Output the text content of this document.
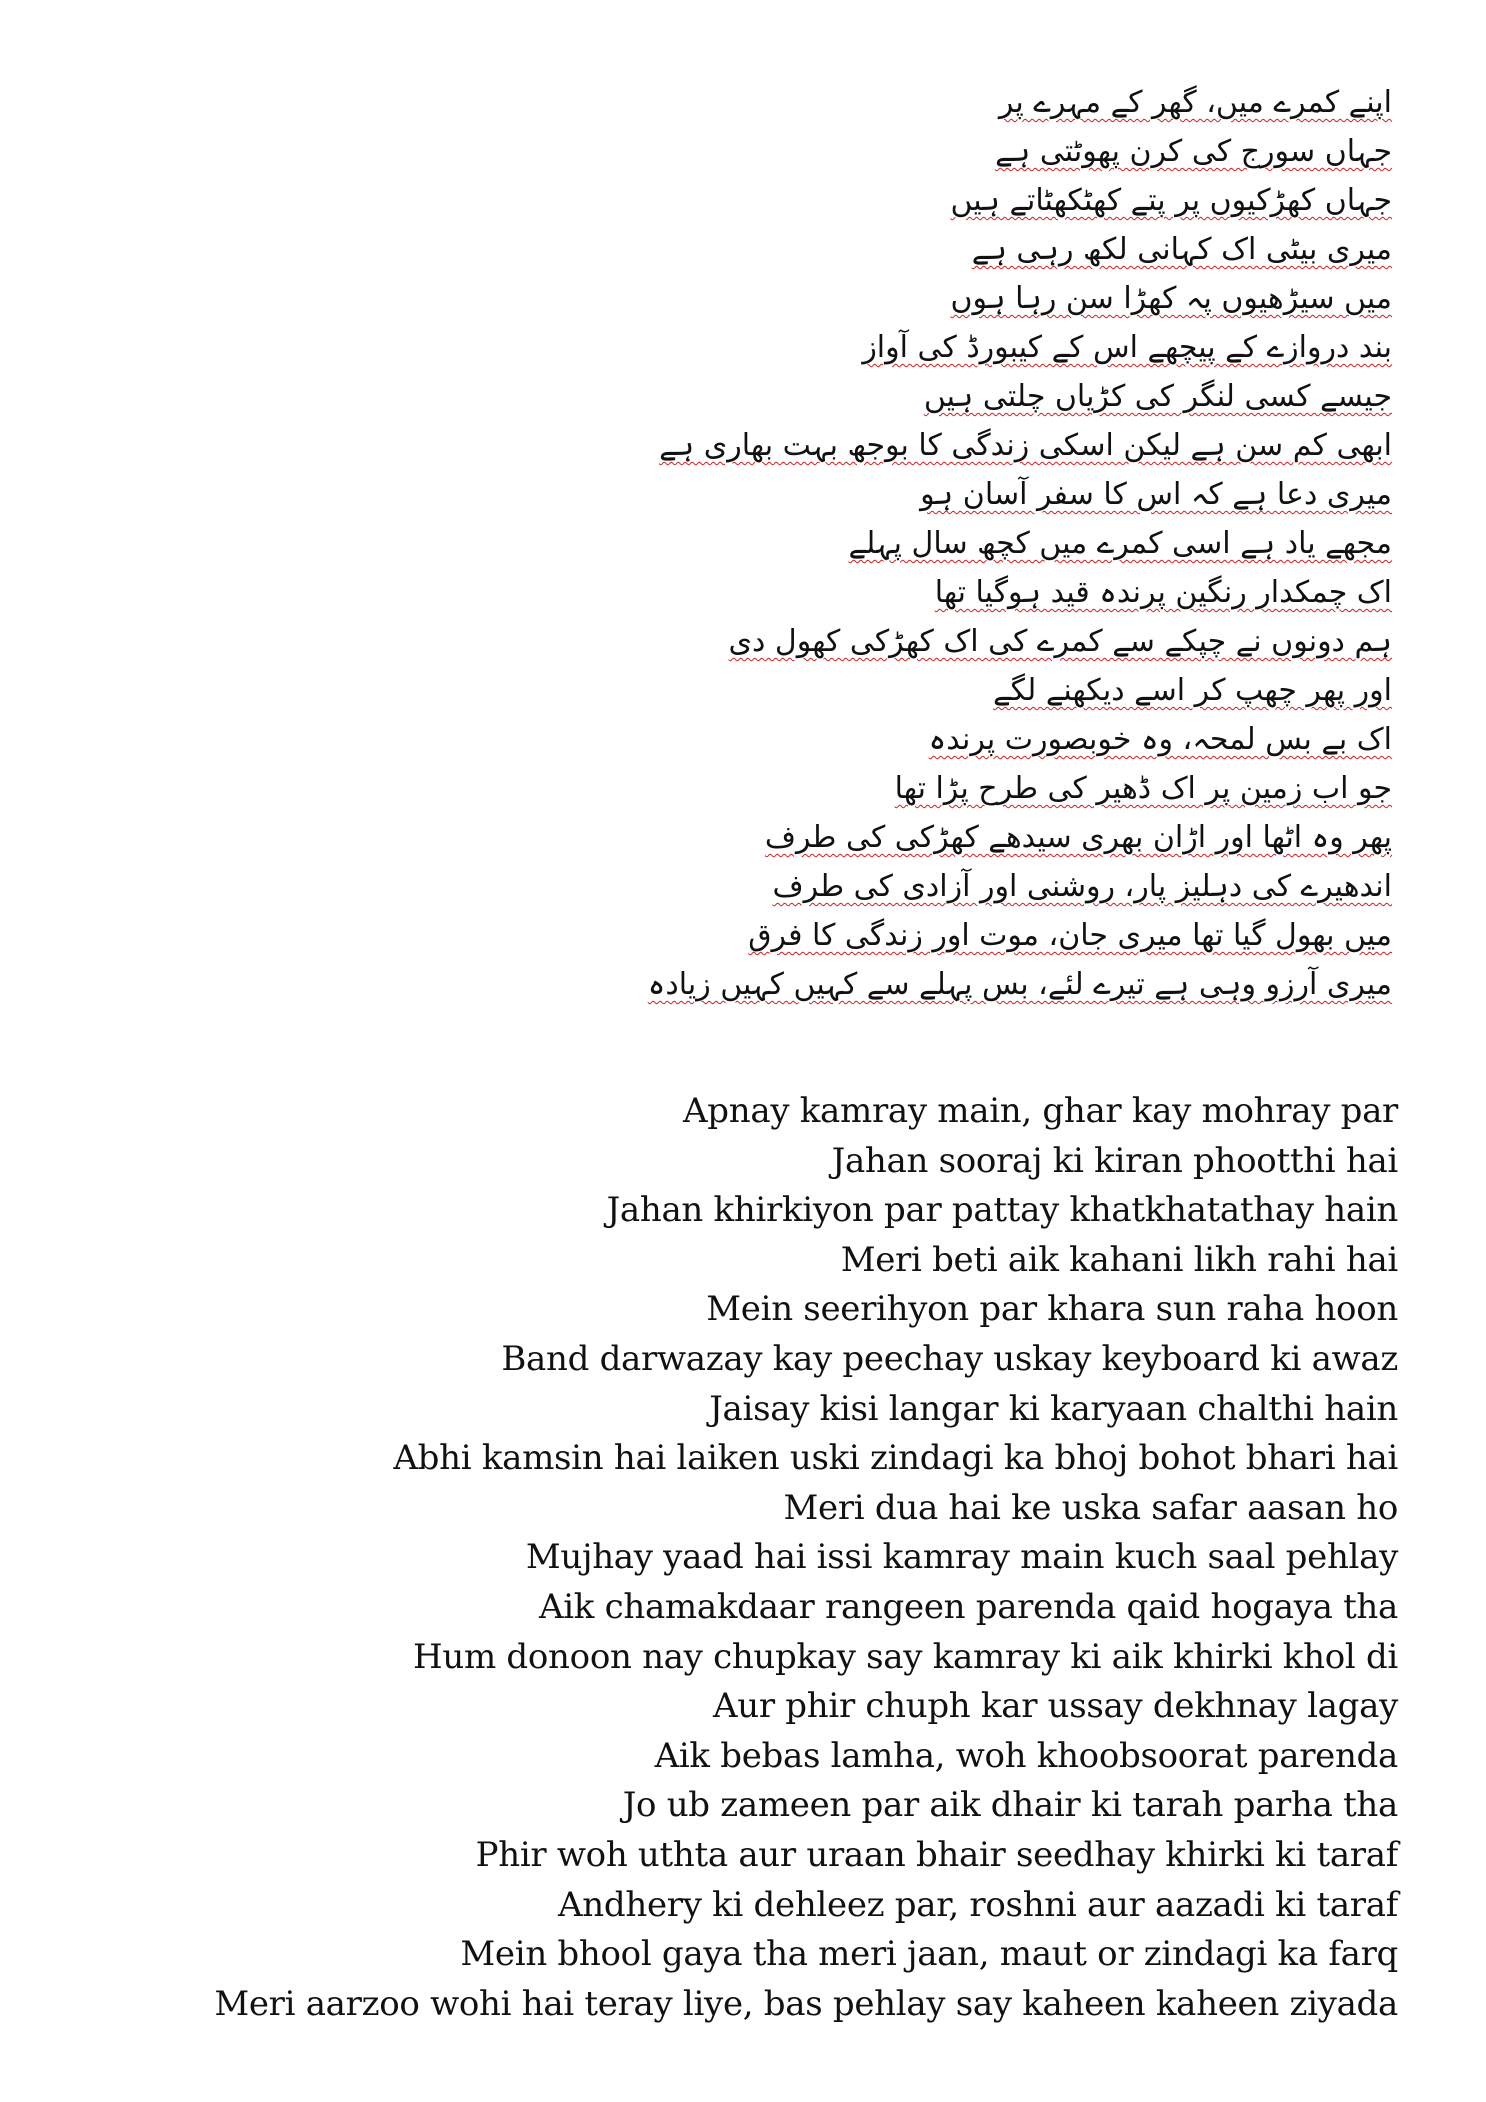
اپنے کمرے میں، گھر کے مہرے پر
جہاں سورج کی کرن پھوٹتی ہے
جہاں کھڑکیوں پر پتے کھٹکھٹاتے ہیں
میری بیٹی اک کہانی لکھ رہی ہے
میں سیڑھیوں پہ کھڑا سن رہا ہوں
بند دروازے کے پیچھے اس کے کیبورڈ کی آواز
جیسے کسی لنگر کی کڑیاں چلتی ہیں
ابھی کم سن ہے لیکن اسکی زندگی کا بوجھ بہت بھاری ہے
میری دعا ہے کہ اس کا سفر آسان ہو
مجھے یاد ہے اسی کمرے میں کچھ سال پہلے
اک چمکدار رنگین پرندہ قید ہوگیا تھا
ہم دونوں نے چپکے سے کمرے کی اک کھڑکی کھول دی
اور پھر چھپ کر اسے دیکھنے لگے
اک بے بس لمحہ، وہ خوبصورت پرندہ
جو اب زمین پر اک ڈھیر کی طرح پڑا تھا
پھر وہ اٹھا اور اڑان بھری سیدھے کھڑکی کی طرف
اندھیرے کی دہلیز پار، روشنی اور آزادی کی طرف
میں بھول گیا تھا میری جان، موت اور زندگی کا فرق
میری آرزو وہی ہے تیرے لئے، بس پہلے سے کہیں کہیں زیادہ
Apnay kamray main, ghar kay mohray par
Jahan sooraj ki kiran phootthi hai
Jahan khirkiyon par pattay khatkhatathay hain
Meri beti aik kahani likh rahi hai
Mein seerihyon par khara sun raha hoon
Band darwazay kay peechay uskay keyboard ki awaz
Jaisay kisi langar ki karyaan chalthi hain
Abhi kamsin hai laiken uski zindagi ka bhoj bohot bhari hai
Meri dua hai ke uska safar aasan ho
Mujhay yaad hai issi kamray main kuch saal pehlay
Aik chamakdaar rangeen parenda qaid hogaya tha
Hum donoon nay chupkay say kamray ki aik khirki khol di
Aur phir chuph kar ussay dekhnay lagay
Aik bebas lamha, woh khoobsoorat parenda
Jo ub zameen par aik dhair ki tarah parha tha
Phir woh uthta aur uraan bhair seedhay khirki ki taraf
Andhery ki dehleez par, roshni aur aazadi ki taraf
Mein bhool gaya tha meri jaan, maut or zindagi ka farq
Meri aarzoo wohi hai teray liye, bas pehlay say kaheen kaheen ziyada
